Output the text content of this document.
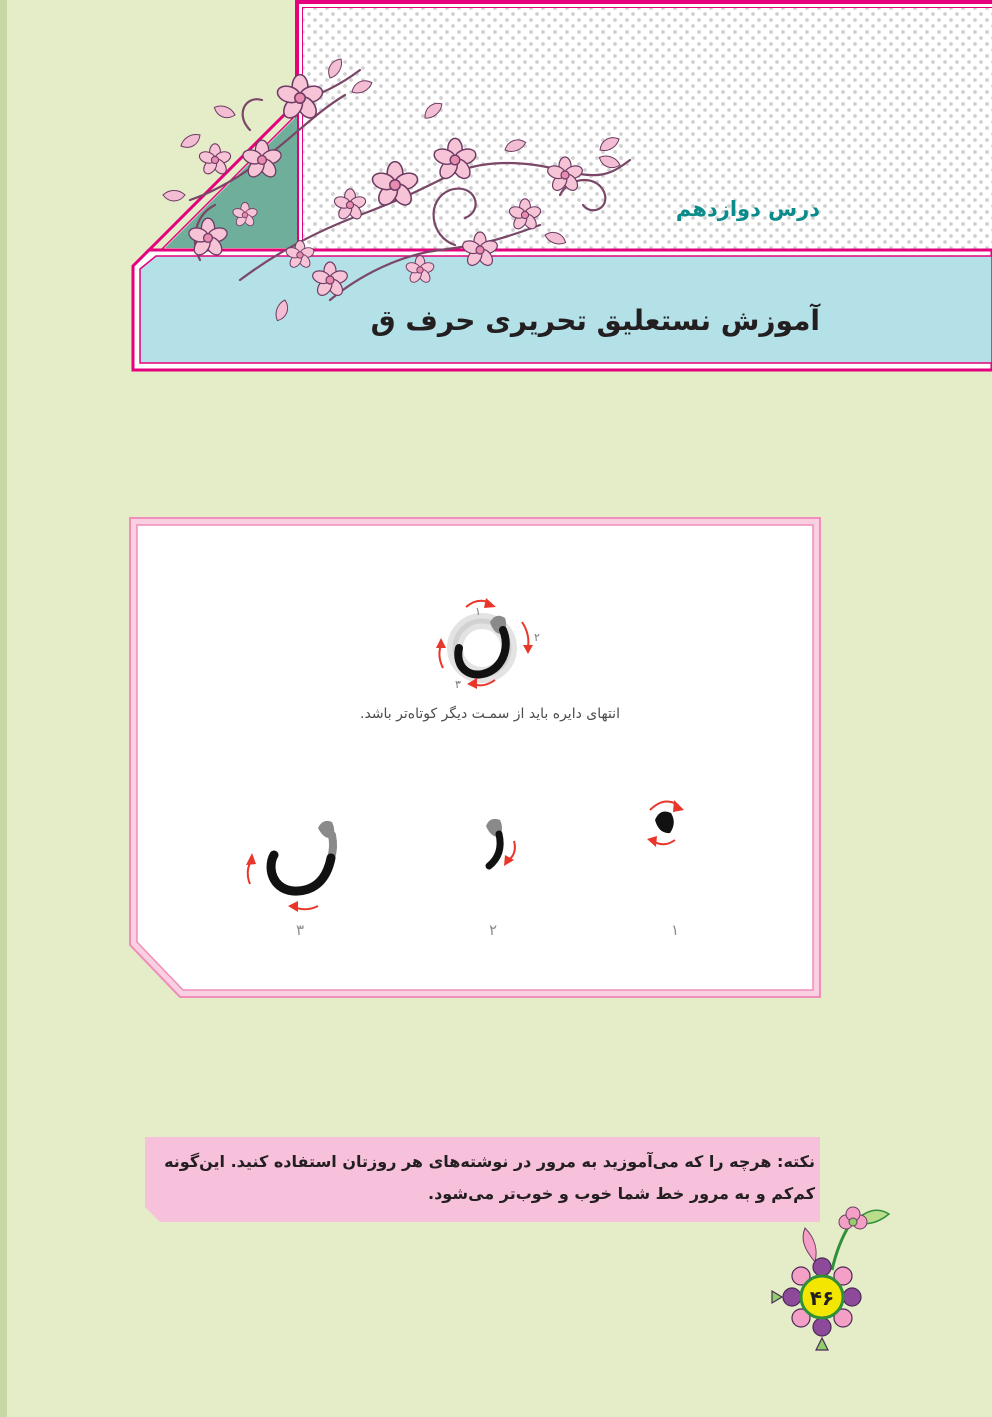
۱
۲
۳
۴۶
درس دوازدهم
آموزش نستعلیق تحریری حرف ق
انتهای دایره باید از سمـت دیگر کوتاه‌تر باشد.
۱
۲
۳
نکته: هرچه را که می‌آموزید به مرور در نوشته‌های هر روزتان استفاده کنید. این‌گونه
کم‌کم و به مرور خط شما خوب و خوب‌تر می‌شود.
